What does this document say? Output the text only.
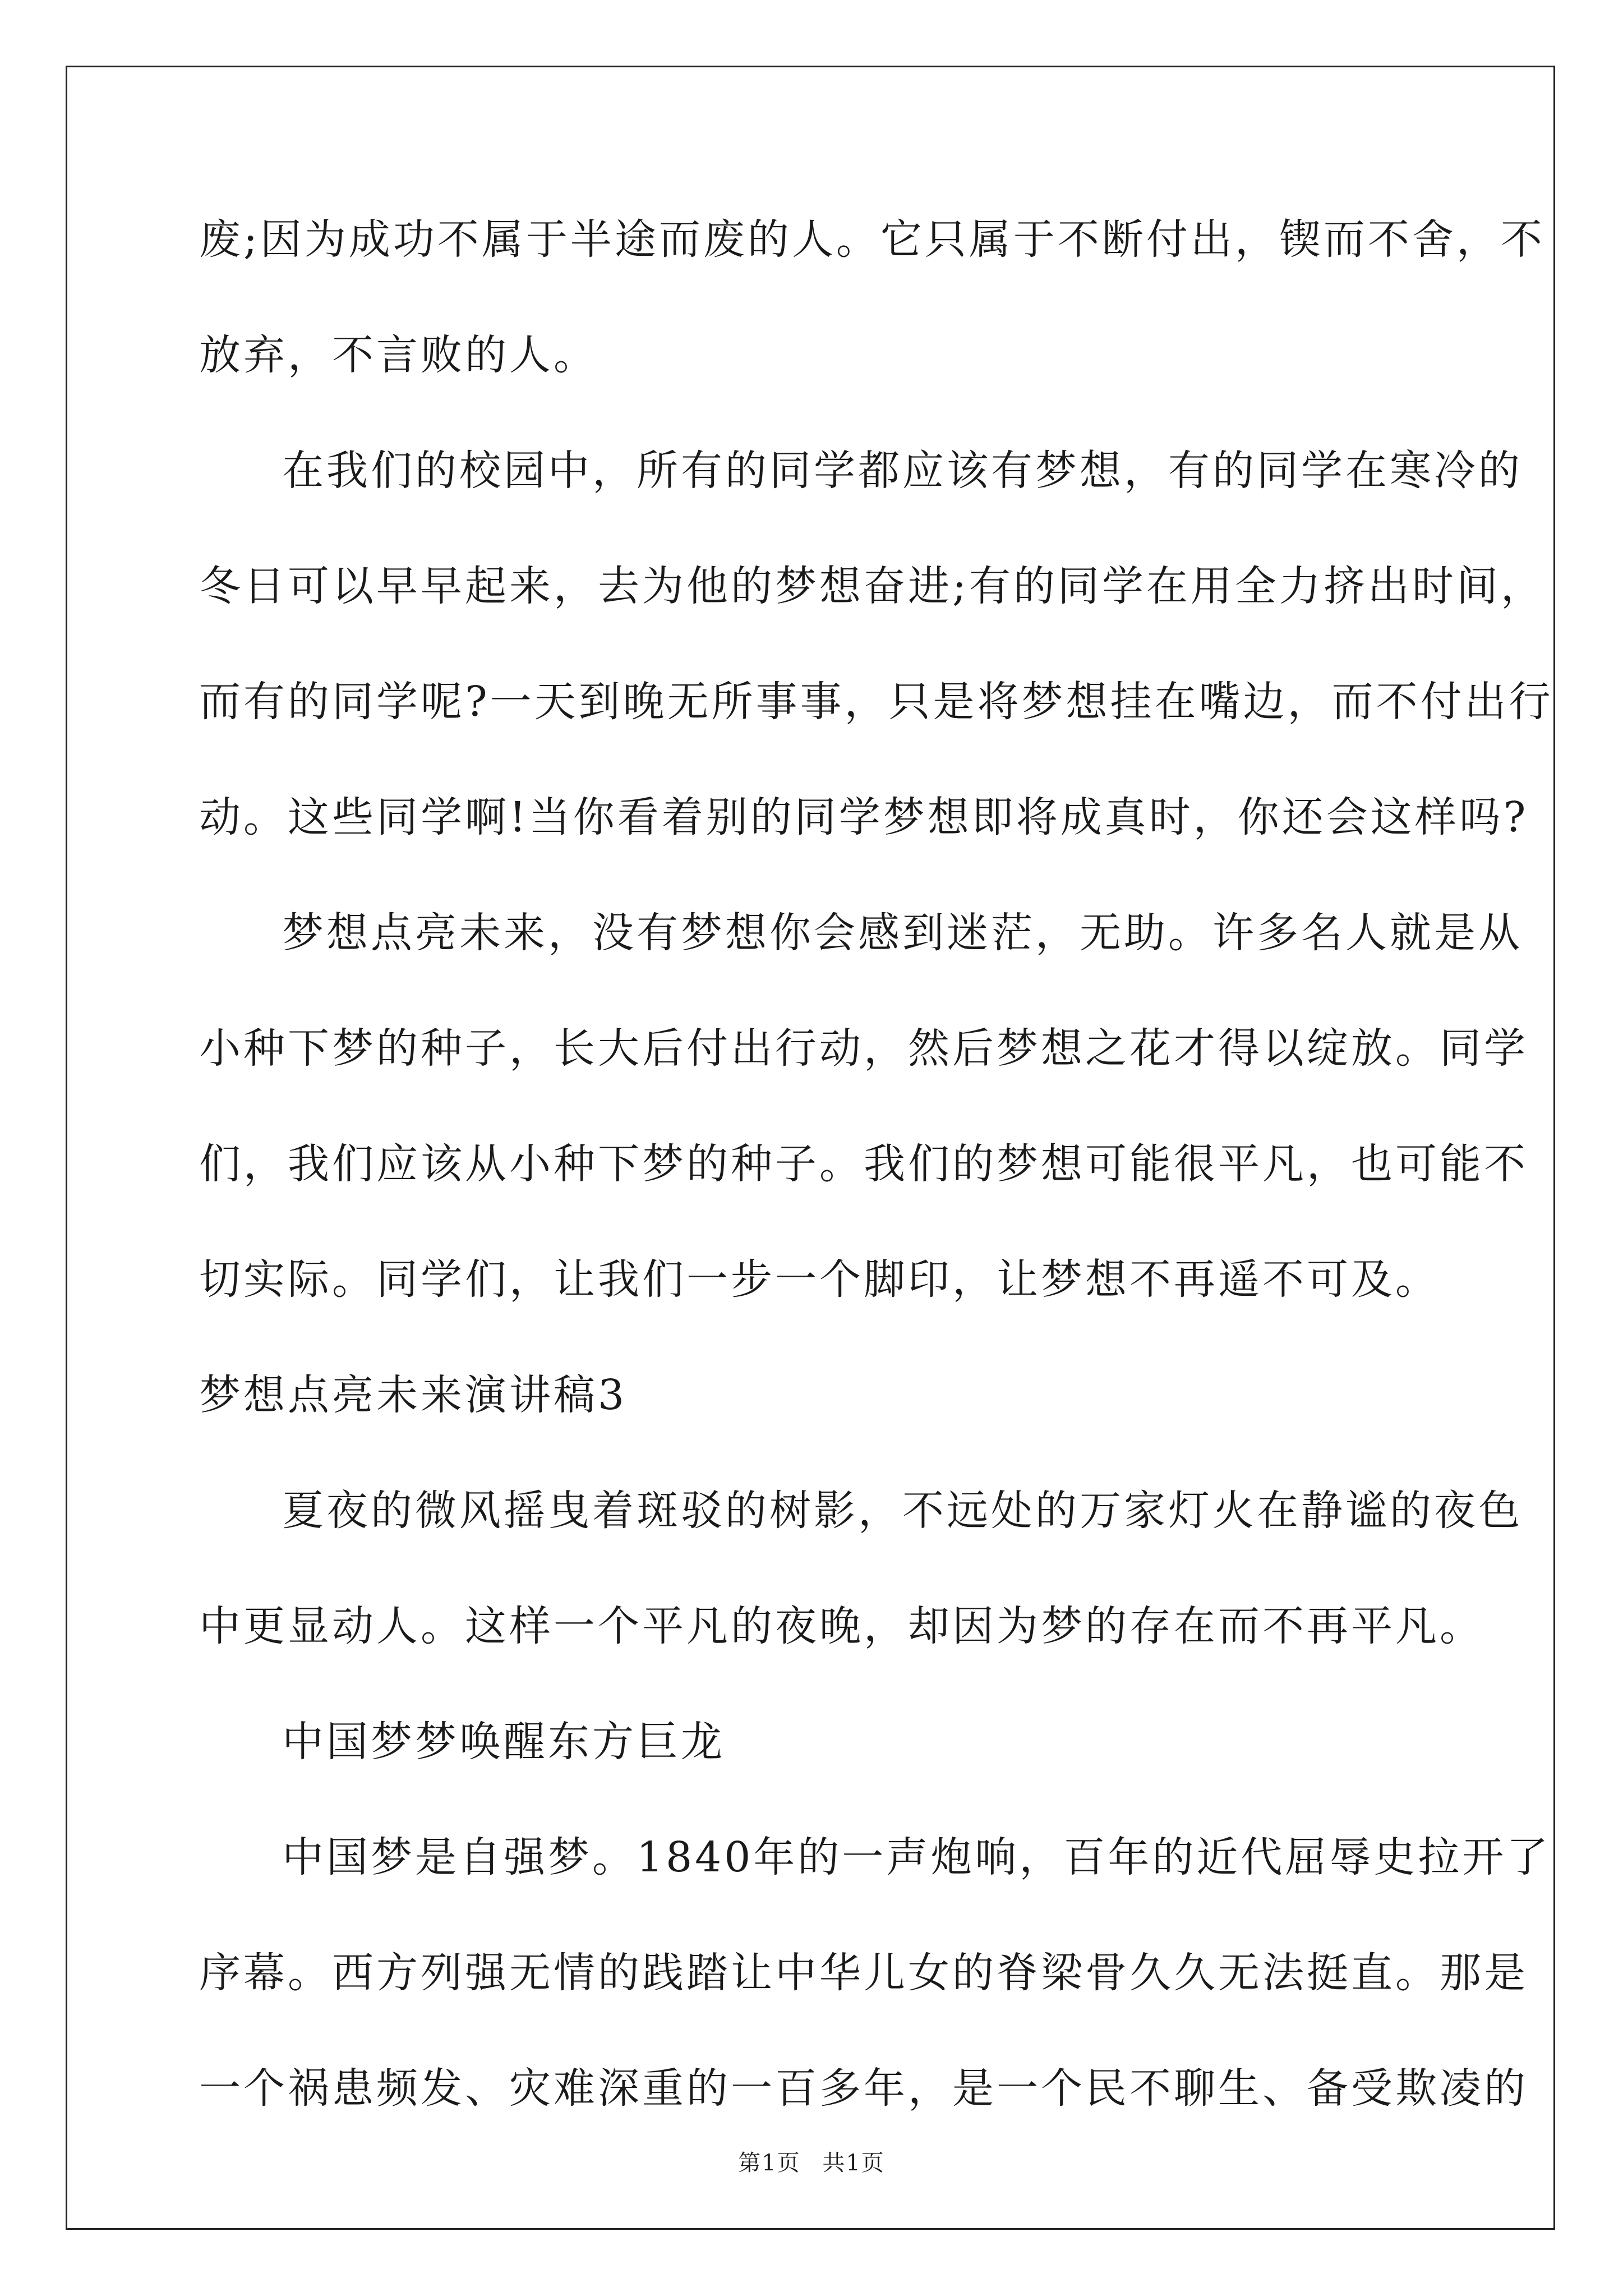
废;因为成功不属于半途而废的人。它只属于不断付出，锲而不舍，不

放弃，不言败的人。

在我们的校园中，所有的同学都应该有梦想，有的同学在寒冷的

冬日可以早早起来，去为他的梦想奋进;有的同学在用全力挤出时间，

而有的同学呢?一天到晚无所事事，只是将梦想挂在嘴边，而不付出行

动。这些同学啊!当你看着别的同学梦想即将成真时，你还会这样吗?

梦想点亮未来，没有梦想你会感到迷茫，无助。许多名人就是从

小种下梦的种子，长大后付出行动，然后梦想之花才得以绽放。同学

们，我们应该从小种下梦的种子。我们的梦想可能很平凡，也可能不

切实际。同学们，让我们一步一个脚印，让梦想不再遥不可及。

梦想点亮未来演讲稿3

夏夜的微风摇曳着斑驳的树影，不远处的万家灯火在静谧的夜色

中更显动人。这样一个平凡的夜晚，却因为梦的存在而不再平凡。

中国梦梦唤醒东方巨龙

中国梦是自强梦。1840年的一声炮响，百年的近代屈辱史拉开了

序幕。西方列强无情的践踏让中华儿女的脊梁骨久久无法挺直。那是

一个祸患频发、灾难深重的一百多年，是一个民不聊生、备受欺凌的

第1页 共1页
